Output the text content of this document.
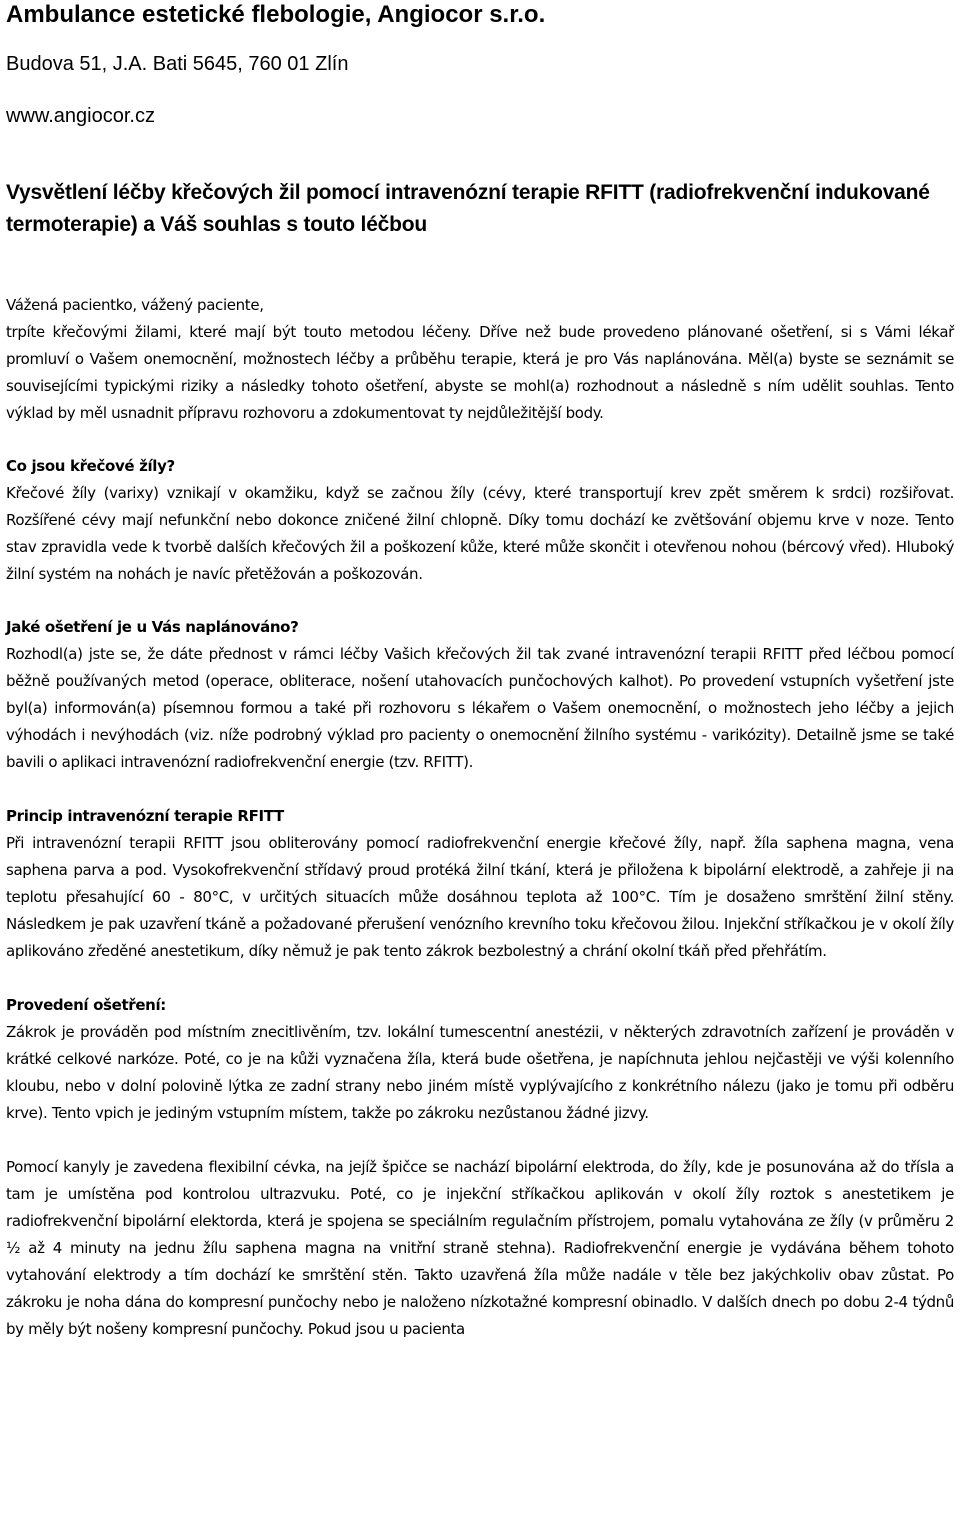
Ambulance estetické flebologie, Angiocor s.r.o.
Budova 51, J.A. Bati 5645, 760 01 Zlín
www.angiocor.cz
Vysvětlení léčby křečových žil pomocí intravenózní terapie RFITT (radiofrekvenční indukované termoterapie) a Váš souhlas s touto léčbou

Vážená pacientko, vážený paciente,

trpíte křečovými žilami, které mají být touto metodou léčeny. Dříve než bude provedeno plánované ošetření, si s Vámi lékař promluví o Vašem onemocnění, možnostech léčby a průběhu terapie, která je pro Vás naplánována. Měl(a) byste se seznámit se souvisejícími typickými riziky a následky tohoto ošetření, abyste se mohl(a) rozhodnout a následně s ním udělit souhlas. Tento výklad by měl usnadnit přípravu rozhovoru a zdokumentovat ty nejdůležitější body.

Co jsou křečové žíly?

Křečové žíly (varixy) vznikají v okamžiku, když se začnou žíly (cévy, které transportují krev zpět směrem k srdci) rozšiřovat. Rozšířené cévy mají nefunkční nebo dokonce zničené žilní chlopně. Díky tomu dochází ke zvětšování objemu krve v noze. Tento stav zpravidla vede k tvorbě dalších křečových žil a poškození kůže, které může skončit i otevřenou nohou (bércový vřed). Hluboký žilní systém na nohách je navíc přetěžován a poškozován.

Jaké ošetření je u Vás naplánováno?

Rozhodl(a) jste se, že dáte přednost v rámci léčby Vašich křečových žil tak zvané intravenózní terapii RFITT před léčbou pomocí běžně používaných metod (operace, obliterace, nošení utahovacích punčochových kalhot). Po provedení vstupních vyšetření jste byl(a) informován(a) písemnou formou a také při rozhovoru s lékařem o Vašem onemocnění, o možnostech jeho léčby a jejich výhodách i nevýhodách (viz. níže podrobný výklad pro pacienty o onemocnění žilního systému - varikózity). Detailně jsme se také bavili o aplikaci intravenózní radiofrekvenční energie (tzv. RFITT).

Princip intravenózní terapie RFITT

Při intravenózní terapii RFITT jsou obliterovány pomocí radiofrekvenční energie křečové žíly, např. žíla saphena magna, vena saphena parva a pod. Vysokofrekvenční střídavý proud protéká žilní tkání, která je přiložena k bipolární elektrodě, a zahřeje ji na teplotu přesahující 60 - 80°C, v určitých situacích může dosáhnou teplota až 100°C. Tím je dosaženo smrštění žilní stěny. Následkem je pak uzavření tkáně a požadované přerušení venózního krevního toku křečovou žilou. Injekční stříkačkou je v okolí žíly aplikováno zředěné anestetikum, díky němuž je pak tento zákrok bezbolestný a chrání okolní tkáň před přehřátím.

Provedení ošetření:

Zákrok je prováděn pod místním znecitlivěním, tzv. lokální tumescentní anestézii, v některých zdravotních zařízení je prováděn v krátké celkové narkóze. Poté, co je na kůži vyznačena žíla, která bude ošetřena, je napíchnuta jehlou nejčastěji ve výši kolenního kloubu, nebo v dolní polovině lýtka ze zadní strany nebo jiném místě vyplývajícího z konkrétního nálezu (jako je tomu při odběru krve). Tento vpich je jediným vstupním místem, takže po zákroku nezůstanou žádné jizvy.

Pomocí kanyly je zavedena flexibilní cévka, na jejíž špičce se nachází bipolární elektroda, do žíly, kde je posunována až do třísla a tam je umístěna pod kontrolou ultrazvuku. Poté, co je injekční stříkačkou aplikován v okolí žíly roztok s anestetikem je radiofrekvenční bipolární elektorda, která je spojena se speciálním regulačním přístrojem, pomalu vytahována ze žíly (v průměru 2 ½ až 4 minuty na jednu žílu saphena magna na vnitřní straně stehna). Radiofrekvenční energie je vydávána během tohoto vytahování elektrody a tím dochází ke smrštění stěn. Takto uzavřená žíla může nadále v těle bez jakýchkoliv obav zůstat. Po zákroku je noha dána do kompresní punčochy nebo je naloženo nízkotažné kompresní obinadlo. V dalších dnech po dobu 2-4 týdnů by měly být nošeny kompresní punčochy. Pokud jsou u pacienta
